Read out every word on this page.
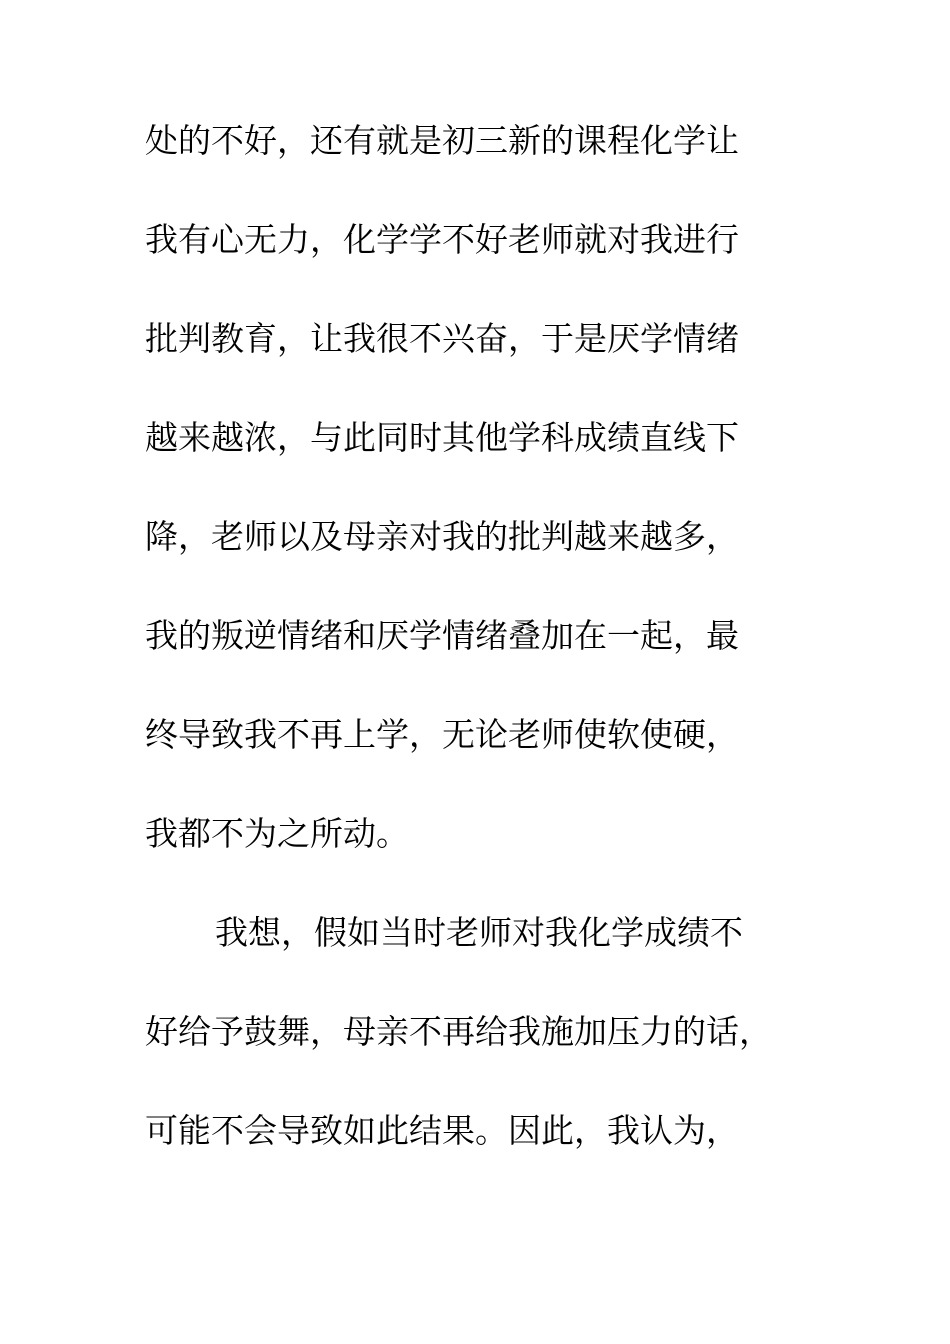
处的不好，还有就是初三新的课程化学让
我有心无力，化学学不好老师就对我进行
批判教育，让我很不兴奋，于是厌学情绪
越来越浓，与此同时其他学科成绩直线下
降，老师以及母亲对我的批判越来越多，
我的叛逆情绪和厌学情绪叠加在一起，最
终导致我不再上学，无论老师使软使硬，
我都不为之所动。
我想，假如当时老师对我化学成绩不
好给予鼓舞，母亲不再给我施加压力的话，
可能不会导致如此结果。因此，我认为，
